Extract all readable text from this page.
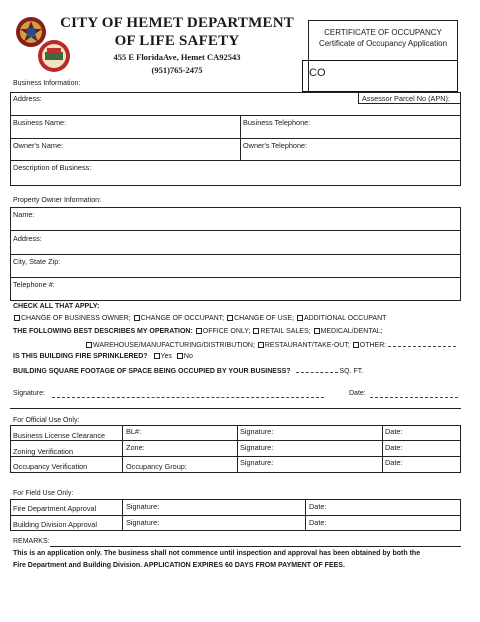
CITY OF HEMET DEPARTMENT
OF LIFE SAFETY
455 E FloridaAve, Hemet CA92543
(951)765-2475
CERTIFICATE OF OCCUPANCY
Certificate of Occupancy Application
CO
Business Information:
Address:	Assessor Parcel No (APN):
Business Name:	Business Telephone:
Owner's Name:	Owner's Telephone:
Description of Business:
Property Owner Information:
Name:
Address:
City, State Zip:
Telephone #:
CHECK ALL THAT APPLY:
CHANGE OF BUSINESS OWNER; CHANGE OF OCCUPANT; CHANGE OF USE; ADDITIONAL OCCUPANT
THE FOLLOWING BEST DESCRIBES MY OPERATION: OFFICE ONLY; RETAIL SALES; MEDICAL/DENTAL;
WAREHOUSE/MANUFACTURING/DISTRIBUTION; RESTAURANT/TAKE-OUT; OTHER:
IS THIS BUILDING FIRE SPRINKLERED? Yes No
BUILDING SQUARE FOOTAGE OF SPACE BEING OCCUPIED BY YOUR BUSINESS?	SQ. FT.
Signature:	Date:
For Official Use Only:
Business License Clearance	BL#:	Signature:	Date:
Zoning Verification	Zone:	Signature:	Date:
Occupancy Verification	Occupancy Group:	Signature:	Date:
For Field Use Only:
Fire Department Approval	Signature:	Date:
Building Division Approval	Signature:	Date:
REMARKS:
This is an application only. The business shall not commence until inspection and approval has been obtained by both the
Fire Department and Building Division. APPLICATION EXPIRES 60 DAYS FROM PAYMENT OF FEES.
